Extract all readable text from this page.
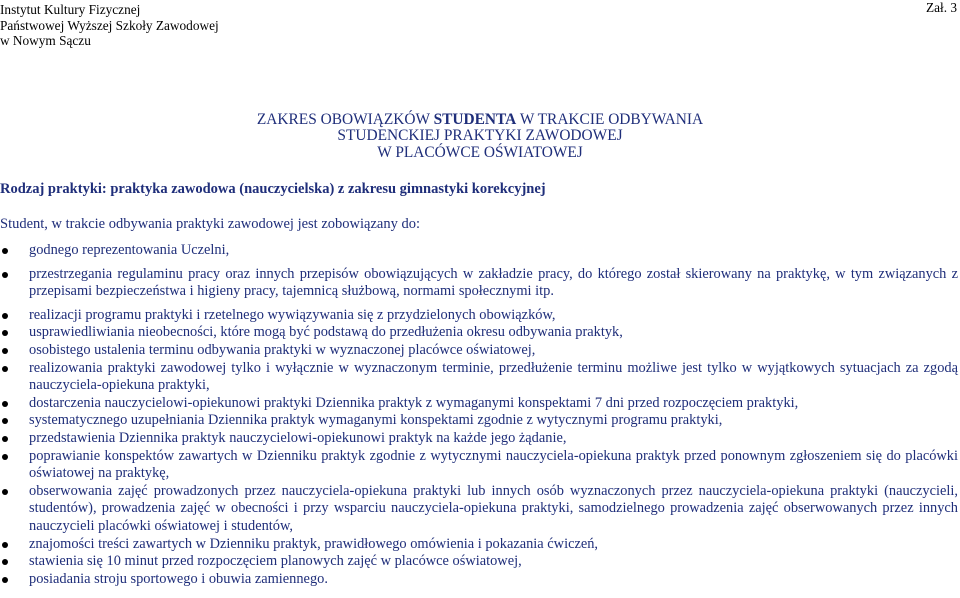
Instytut Kultury Fizycznej
Państwowej Wyższej Szkoły Zawodowej
w Nowym Sączu
Zał. 3
ZAKRES OBOWIĄZKÓW STUDENTA W TRAKCIE ODBYWANIA
STUDENCKIEJ PRAKTYKI ZAWODOWEJ
W PLACÓWCE OŚWIATOWEJ
Rodzaj praktyki: praktyka zawodowa (nauczycielska) z zakresu gimnastyki korekcyjnej
Student, w trakcie odbywania praktyki zawodowej jest zobowiązany do:
godnego reprezentowania Uczelni,
przestrzegania regulaminu pracy oraz innych przepisów obowiązujących w zakładzie pracy, do którego został skierowany na praktykę, w tym związanych z przepisami bezpieczeństwa i higieny pracy, tajemnicą służbową, normami społecznymi itp.
realizacji programu praktyki i rzetelnego wywiązywania się z przydzielonych obowiązków,
usprawiedliwiania nieobecności, które mogą być podstawą do przedłużenia okresu odbywania praktyk,
osobistego ustalenia terminu odbywania praktyki w wyznaczonej placówce oświatowej,
realizowania praktyki zawodowej tylko i wyłącznie w wyznaczonym terminie, przedłużenie terminu możliwe jest tylko w wyjątkowych sytuacjach za zgodą nauczyciela-opiekuna praktyki,
dostarczenia nauczycielowi-opiekunowi praktyki Dziennika praktyk z wymaganymi konspektami 7 dni przed rozpoczęciem praktyki,
systematycznego uzupełniania Dziennika praktyk wymaganymi konspektami zgodnie z wytycznymi programu praktyki,
przedstawienia Dziennika praktyk nauczycielowi-opiekunowi praktyk na każde jego żądanie,
poprawianie konspektów zawartych w Dzienniku praktyk zgodnie z wytycznymi nauczyciela-opiekuna praktyk przed ponownym zgłoszeniem się do placówki oświatowej na praktykę,
obserwowania zajęć prowadzonych przez nauczyciela-opiekuna praktyki lub innych osób wyznaczonych przez nauczyciela-opiekuna praktyki (nauczycieli, studentów), prowadzenia zajęć w obecności i przy wsparciu nauczyciela-opiekuna praktyki, samodzielnego prowadzenia zajęć obserwowanych przez innych nauczycieli placówki oświatowej i studentów,
znajomości treści zawartych w Dzienniku praktyk, prawidłowego omówienia i pokazania ćwiczeń,
stawienia się 10 minut przed rozpoczęciem planowych zajęć w placówce oświatowej,
posiadania stroju sportowego i obuwia zamiennego.
